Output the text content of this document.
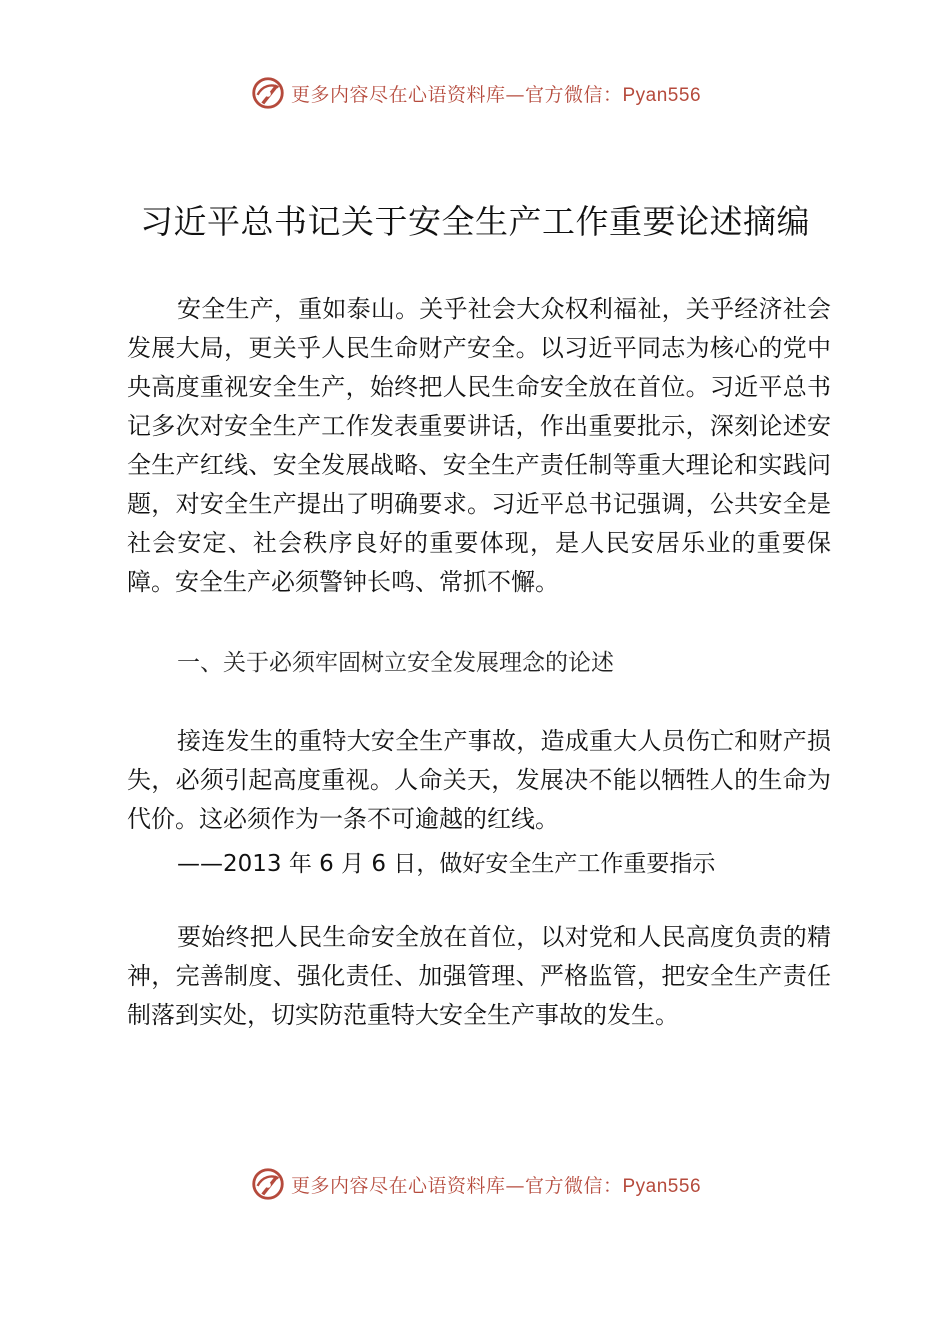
更多内容尽在心语资料库—官方微信：Pyan556
习近平总书记关于安全生产工作重要论述摘编

安全生产，重如泰山。关乎社会大众权利福祉，关乎经济社会发展大局，更关乎人民生命财产安全。以习近平同志为核心的党中央高度重视安全生产，始终把人民生命安全放在首位。习近平总书记多次对安全生产工作发表重要讲话，作出重要批示，深刻论述安全生产红线、安全发展战略、安全生产责任制等重大理论和实践问题，对安全生产提出了明确要求。习近平总书记强调，公共安全是社会安定、社会秩序良好的重要体现，是人民安居乐业的重要保障。安全生产必须警钟长鸣、常抓不懈。

一、关于必须牢固树立安全发展理念的论述

接连发生的重特大安全生产事故，造成重大人员伤亡和财产损失，必须引起高度重视。人命关天，发展决不能以牺牲人的生命为代价。这必须作为一条不可逾越的红线。

——2013 年 6 月 6 日，做好安全生产工作重要指示

要始终把人民生命安全放在首位，以对党和人民高度负责的精神，完善制度、强化责任、加强管理、严格监管，把安全生产责任制落到实处，切实防范重特大安全生产事故的发生。

更多内容尽在心语资料库—官方微信：Pyan556
